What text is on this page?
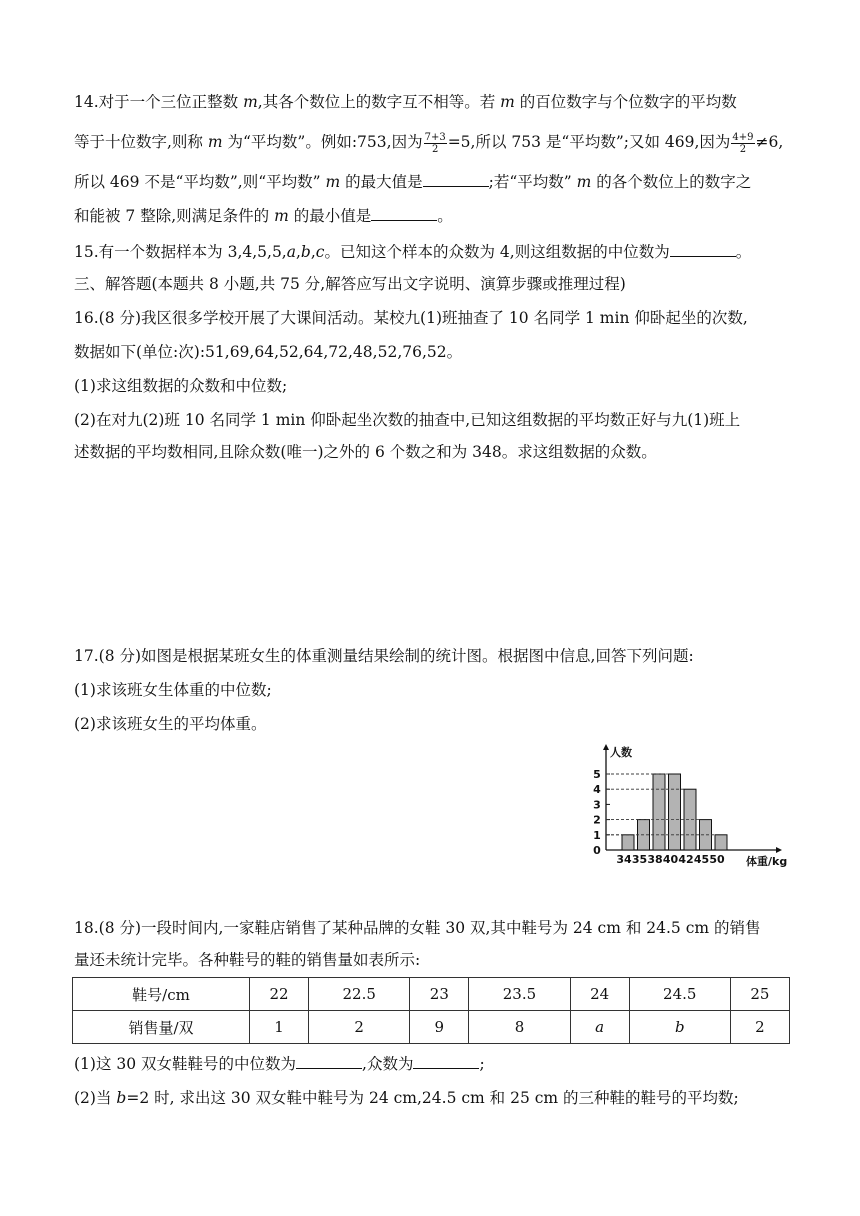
14.对于一个三位正整数 m,其各个数位上的数字互不相等。若 m 的百位数字与个位数字的平均数
等于十位数字,则称 m 为“平均数”。例如:753,因为 $\frac{7+3}{2} =5$,所以 753 是“平均数”;又如 469,因为 $\frac{4+9}{2} \ne 6$,
所以 469 不是“平均数”,则“平均数” m 的最大值是	;若“平均数” m 的各个数位上的数字之
和能被 7 整除,则满足条件的 m 的最小值是	。
15.有一个数据样本为 3,4,5,5,a,b,c。已知这个样本的众数为 4,则这组数据的中位数为	。
三、解答题(本题共 8 小题,共 75 分,解答应写出文字说明、演算步骤或推理过程)
16.(8 分)我区很多学校开展了大课间活动。某校九(1)班抽查了 10 名同学 1 min 仰卧起坐的次数,
数据如下(单位:次):51,69,64,52,64,72,48,52,76,52。
(1)求这组数据的众数和中位数;
(2)在对九(2)班 10 名同学 1 min 仰卧起坐次数的抽查中,已知这组数据的平均数正好与九(1)班上
述数据的平均数相同,且除众数(唯一)之外的 6 个数之和为 348。求这组数据的众数。
17.(8 分)如图是根据某班女生的体重测量结果绘制的统计图。根据图中信息,回答下列问题:
(1)求该班女生体重的中位数;
(2)求该班女生的平均体重。
人数
0
1
2
3
4
5
34 35 38 40 42 45 50 体重/kg
18.(8 分)一段时间内,一家鞋店销售了某种品牌的女鞋 30 双,其中鞋号为 24 cm 和 24.5 cm 的销售
量还未统计完毕。各种鞋号的鞋的销售量如表所示:
鞋号/cm	22	22.5	23	23.5	24	24.5	25
销售量/双	1	2	9	8	a	b	2
(1)这 30 双女鞋鞋号的中位数为	,众数为	;
(2)当 b=2 时, 求出这 30 双女鞋中鞋号为 24 cm,24.5 cm 和 25 cm 的三种鞋的鞋号的平均数;
